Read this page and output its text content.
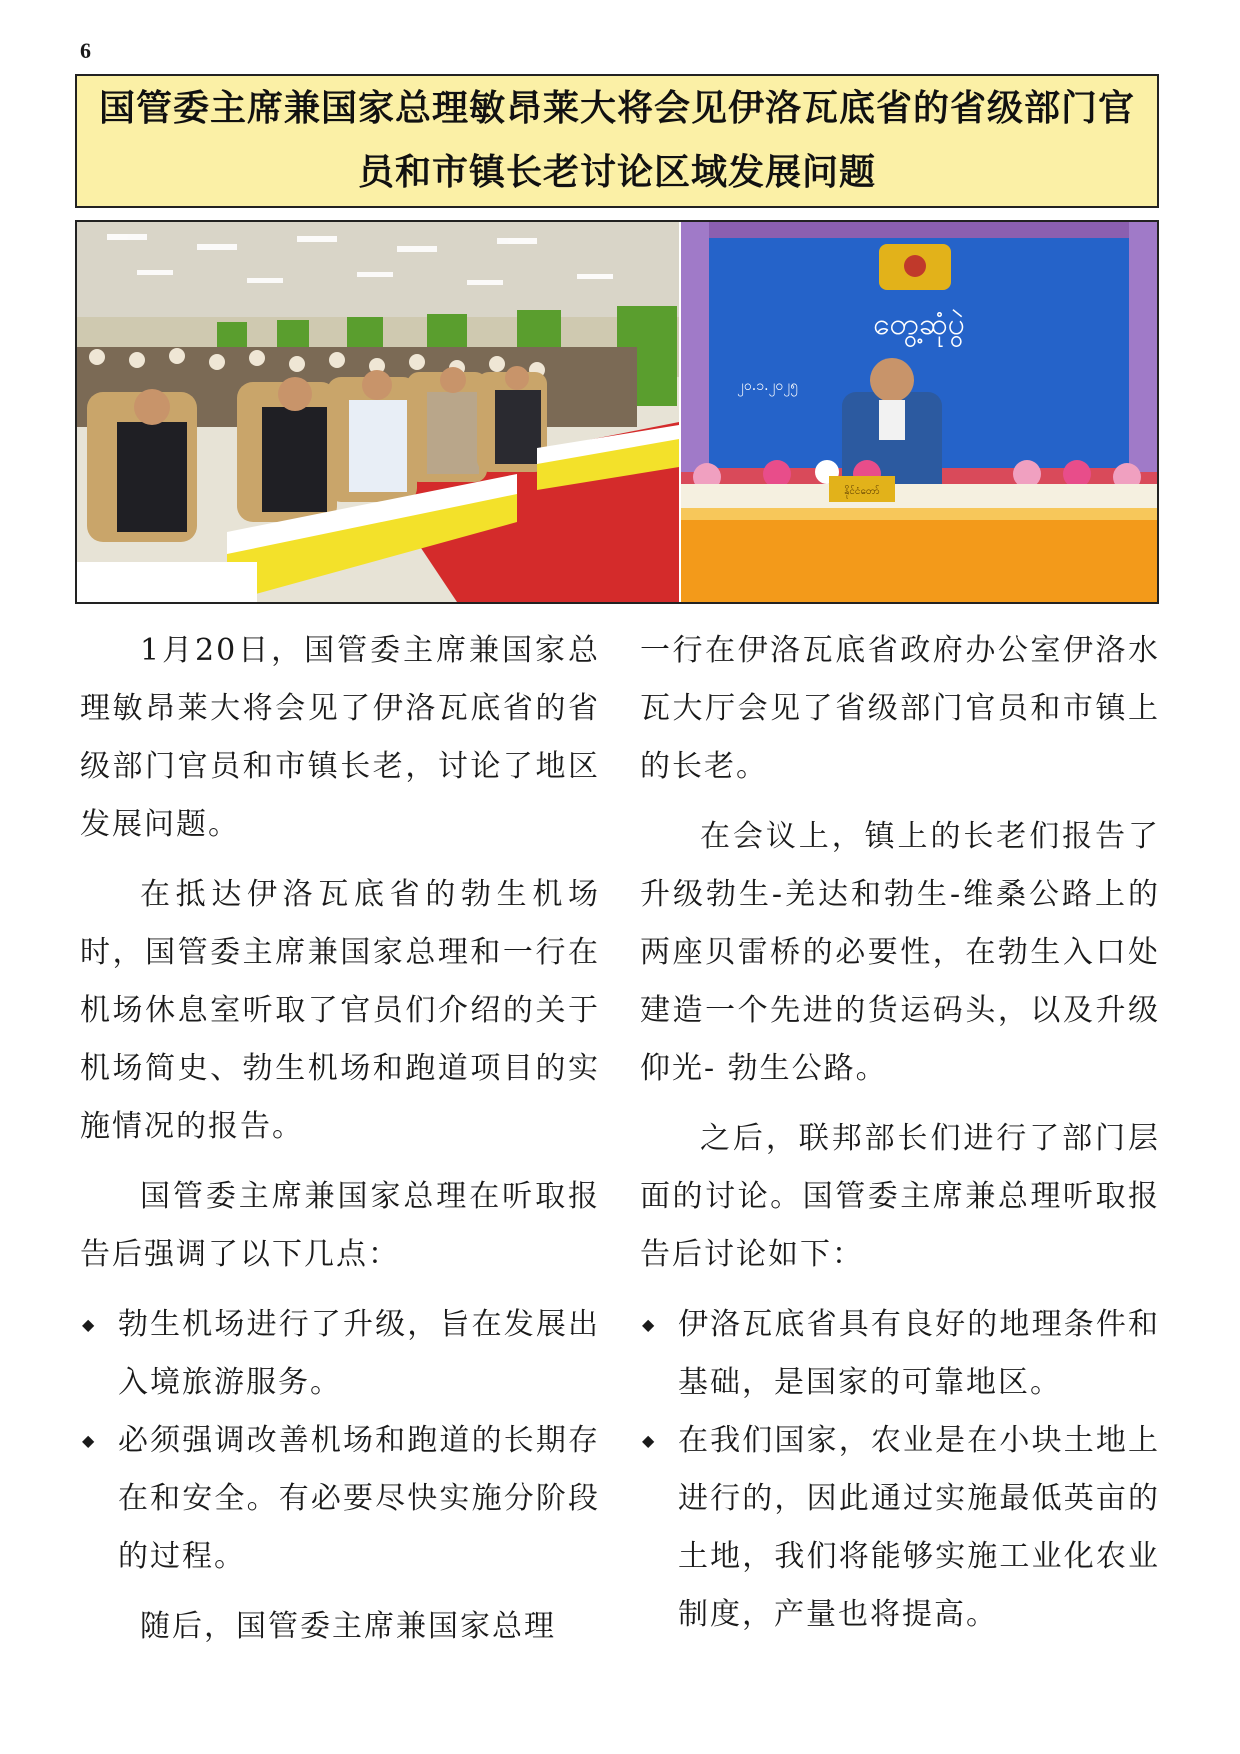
6
国管委主席兼国家总理敏昂莱大将会见伊洛瓦底省的省级部门官员和市镇长老讨论区域发展问题
တွေ့ဆုံပွဲ
၂၀.၁.၂၀၂၅
နိုင်ငံတော်

1月20日，国管委主席兼国家总理敏昂莱大将会见了伊洛瓦底省的省级部门官员和市镇长老，讨论了地区发展问题。

在抵达伊洛瓦底省的勃生机场时，国管委主席兼国家总理和一行在机场休息室听取了官员们介绍的关于机场简史、勃生机场和跑道项目的实施情况的报告。

国管委主席兼国家总理在听取报告后强调了以下几点：

◆ 勃生机场进行了升级，旨在发展出入境旅游服务。
◆ 必须强调改善机场和跑道的长期存在和安全。有必要尽快实施分阶段的过程。

随后，国管委主席兼国家总理

一行在伊洛瓦底省政府办公室伊洛水瓦大厅会见了省级部门官员和市镇上的长老。

在会议上，镇上的长老们报告了升级勃生-羌达和勃生-维桑公路上的两座贝雷桥的必要性，在勃生入口处建造一个先进的货运码头，以及升级仰光- 勃生公路。

之后，联邦部长们进行了部门层面的讨论。国管委主席兼总理听取报告后讨论如下：

◆ 伊洛瓦底省具有良好的地理条件和基础，是国家的可靠地区。
◆ 在我们国家，农业是在小块土地上进行的，因此通过实施最低英亩的土地，我们将能够实施工业化农业制度，产量也将提高。
